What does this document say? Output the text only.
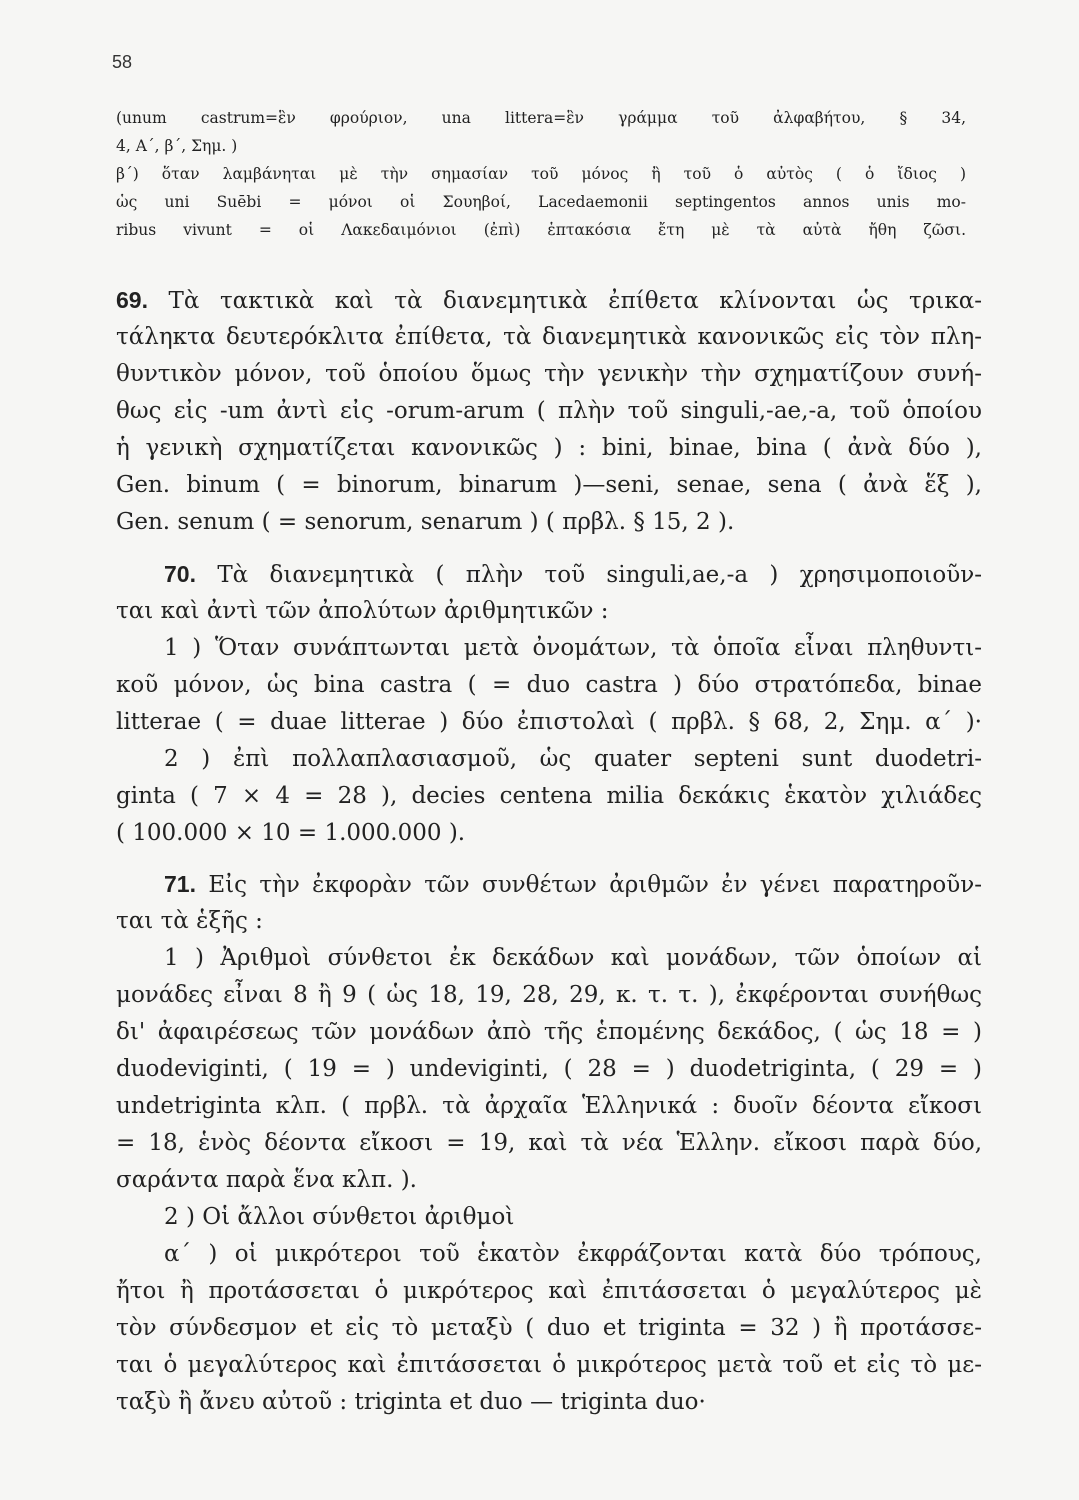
58
(unum castrum=ἓν φρούριον, una littera=ἓν γράμμα τοῦ ἀλφαβήτου, § 34,
4, Α΄, β΄, Σημ. )
β΄) ὅταν λαμβάνηται μὲ τὴν σημασίαν τοῦ μόνος ἢ τοῦ ὁ αὐτὸς ( ὁ ἴδιος )
ὡς uni Suēbi = μόνοι οἱ Σουηβοί, Lacedaemonii septingentos annos unis mo-
ribus vivunt = οἱ Λακεδαιμόνιοι (ἐπὶ) ἑπτακόσια ἔτη μὲ τὰ αὐτὰ ἤθη ζῶσι.
69. Τὰ τακτικὰ καὶ τὰ διανεμητικὰ ἐπίθετα κλίνονται ὡς τρικα-
τάληκτα δευτερόκλιτα ἐπίθετα, τὰ διανεμητικὰ κανονικῶς εἰς τὸν πλη-
θυντικὸν μόνον, τοῦ ὁποίου ὅμως τὴν γενικὴν τὴν σχηματίζουν συνή-
θως εἰς -um ἀντὶ εἰς -orum-arum ( πλὴν τοῦ singuli,-ae,-a, τοῦ ὁποίου
ἡ γενικὴ σχηματίζεται κανονικῶς ) : bini, binae, bina ( ἀνὰ δύο ),
Gen. binum ( = binorum, binarum )—seni, senae, sena ( ἀνὰ ἕξ ),
Gen. senum ( = senorum, senarum ) ( πρβλ. § 15, 2 ).
70. Τὰ διανεμητικὰ ( πλὴν τοῦ singuli,ae,-a ) χρησιμοποιοῦν-
ται καὶ ἀντὶ τῶν ἀπολύτων ἀριθμητικῶν :
1 ) Ὅταν συνάπτωνται μετὰ ὀνομάτων, τὰ ὁποῖα εἶναι πληθυντι-
κοῦ μόνον, ὡς bina castra ( = duo castra ) δύο στρατόπεδα, binae
litterae ( = duae litterae ) δύο ἐπιστολαὶ ( πρβλ. § 68, 2, Σημ. α΄ )·
2 ) ἐπὶ πολλαπλασιασμοῦ, ὡς quater septeni sunt duodetri-
ginta ( 7 × 4 = 28 ), decies centena milia δεκάκις ἑκατὸν χιλιάδες
( 100.000 × 10 = 1.000.000 ).
71. Εἰς τὴν ἐκφορὰν τῶν συνθέτων ἀριθμῶν ἐν γένει παρατηροῦν-
ται τὰ ἑξῆς :
1 ) Ἀριθμοὶ σύνθετοι ἐκ δεκάδων καὶ μονάδων, τῶν ὁποίων αἱ
μονάδες εἶναι 8 ἢ 9 ( ὡς 18, 19, 28, 29, κ. τ. τ. ), ἐκφέρονται συνήθως
δι' ἀφαιρέσεως τῶν μονάδων ἀπὸ τῆς ἑπομένης δεκάδος, ( ὡς 18 = )
duodeviginti, ( 19 = ) undeviginti, ( 28 = ) duodetriginta, ( 29 = )
undetriginta κλπ. ( πρβλ. τὰ ἀρχαῖα Ἑλληνικά : δυοῖν δέοντα εἴκοσι
= 18, ἑνὸς δέοντα εἴκοσι = 19, καὶ τὰ νέα Ἑλλην. εἴκοσι παρὰ δύο,
σαράντα παρὰ ἕνα κλπ. ).
2 ) Οἱ ἄλλοι σύνθετοι ἀριθμοὶ
α΄ ) οἱ μικρότεροι τοῦ ἑκατὸν ἐκφράζονται κατὰ δύο τρόπους,
ἤτοι ἢ προτάσσεται ὁ μικρότερος καὶ ἐπιτάσσεται ὁ μεγαλύτερος μὲ
τὸν σύνδεσμον et εἰς τὸ μεταξὺ ( duo et triginta = 32 ) ἢ προτάσσε-
ται ὁ μεγαλύτερος καὶ ἐπιτάσσεται ὁ μικρότερος μετὰ τοῦ et εἰς τὸ με-
ταξὺ ἢ ἄνευ αὐτοῦ : triginta et duo — triginta duo·
